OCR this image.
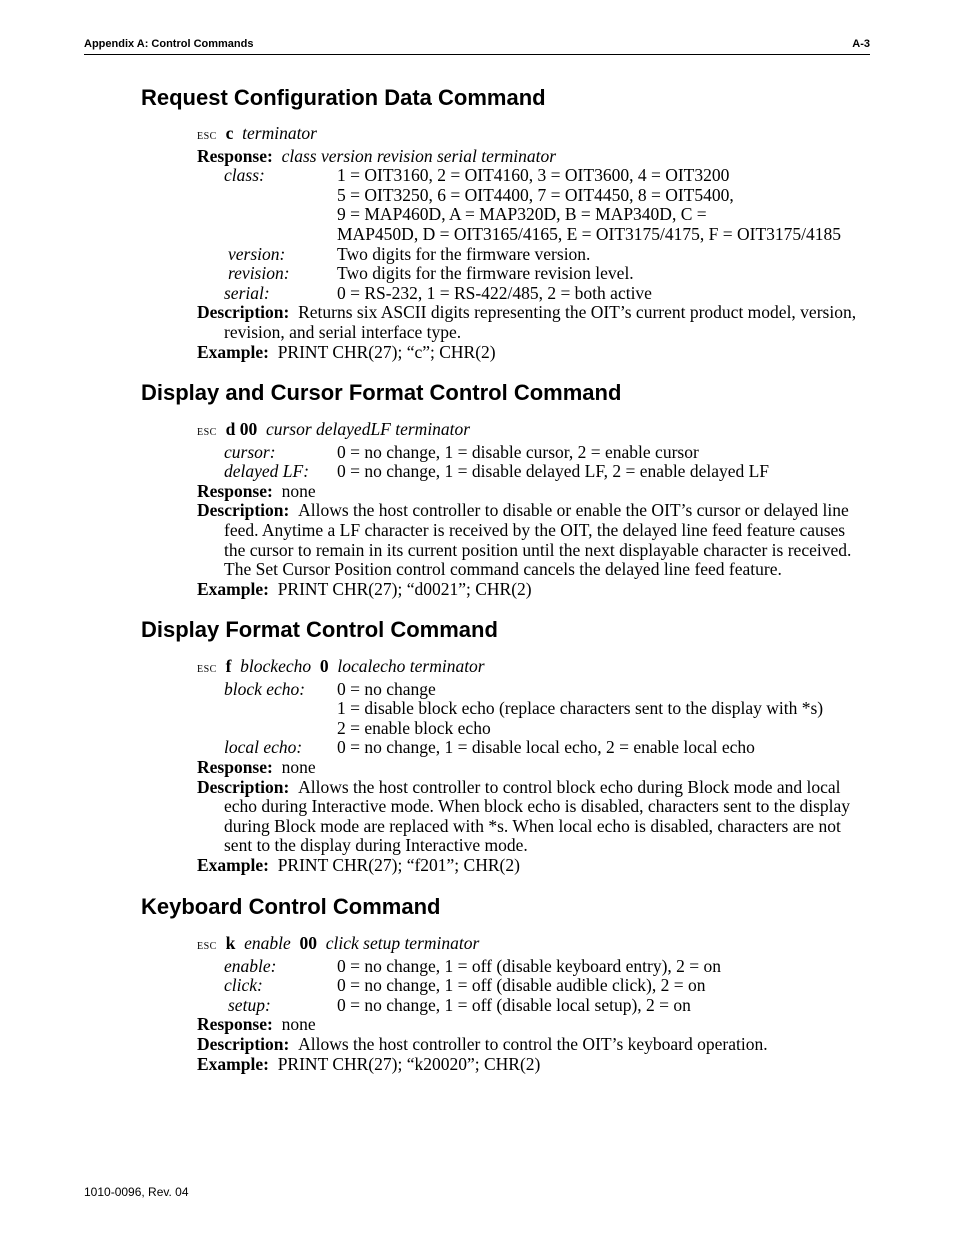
Appendix A: Control Commands	A-3
Request Configuration Data Command
ESC c terminator
Response: class version revision serial terminator
class:	1 = OIT3160, 2 = OIT4160, 3 = OIT3600, 4 = OIT3200
5 = OIT3250, 6 = OIT4400, 7 = OIT4450, 8 = OIT5400,
9 = MAP460D, A = MAP320D, B = MAP340D, C =
MAP450D, D = OIT3165/4165, E = OIT3175/4175, F = OIT3175/4185
version:	Two digits for the firmware version.
revision:	Two digits for the firmware revision level.
serial:	0 = RS-232, 1 = RS-422/485, 2 = both active
Description: Returns six ASCII digits representing the OIT’s current product model, version, revision, and serial interface type.
Example: PRINT CHR(27); “c”; CHR(2)
Display and Cursor Format Control Command
ESC d 00 cursor delayedLF terminator
cursor:	0 = no change, 1 = disable cursor, 2 = enable cursor
delayed LF: 0 = no change, 1 = disable delayed LF, 2 = enable delayed LF
Response: none
Description: Allows the host controller to disable or enable the OIT’s cursor or delayed line feed. Anytime a LF character is received by the OIT, the delayed line feed feature causes the cursor to remain in its current position until the next displayable character is received. The Set Cursor Position control command cancels the delayed line feed feature.
Example: PRINT CHR(27); “d0021”; CHR(2)
Display Format Control Command
ESC f blockecho 0 localecho terminator
block echo: 0 = no change
1 = disable block echo (replace characters sent to the display with *s)
2 = enable block echo
local echo: 0 = no change, 1 = disable local echo, 2 = enable local echo
Response: none
Description: Allows the host controller to control block echo during Block mode and local echo during Interactive mode. When block echo is disabled, characters sent to the display during Block mode are replaced with *s. When local echo is disabled, characters are not sent to the display during Interactive mode.
Example: PRINT CHR(27); “f201”; CHR(2)
Keyboard Control Command
ESC k enable 00 click setup terminator
enable:	0 = no change, 1 = off (disable keyboard entry), 2 = on
click:	0 = no change, 1 = off (disable audible click), 2 = on
setup:	0 = no change, 1 = off (disable local setup), 2 = on
Response: none
Description: Allows the host controller to control the OIT’s keyboard operation.
Example: PRINT CHR(27); “k20020”; CHR(2)
1010-0096, Rev. 04
